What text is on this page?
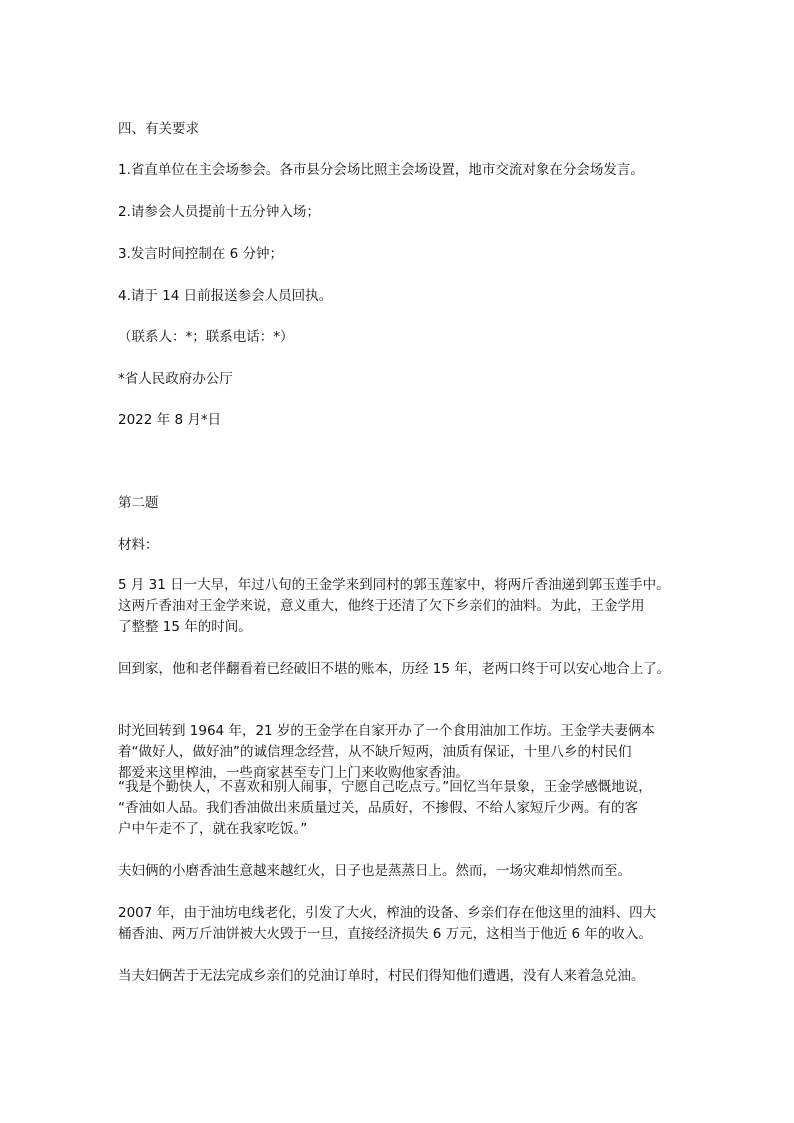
四、有关要求

1.省直单位在主会场参会。各市县分会场比照主会场设置，地市交流对象在分会场发言。

2.请参会人员提前十五分钟入场；

3.发言时间控制在 6 分钟；

4.请于 14 日前报送参会人员回执。

（联系人：*；联系电话：*）

*省人民政府办公厅

2022 年 8 月*日

第二题

材料：

5 月 31 日一大早，年过八旬的王金学来到同村的郭玉莲家中，将两斤香油递到郭玉莲手中。
这两斤香油对王金学来说，意义重大，他终于还清了欠下乡亲们的油料。为此，王金学用
了整整 15 年的时间。

回到家，他和老伴翻看着已经破旧不堪的账本，历经 15 年，老两口终于可以安心地合上了。

时光回转到 1964 年，21 岁的王金学在自家开办了一个食用油加工作坊。王金学夫妻俩本
着“做好人，做好油”的诚信理念经营，从不缺斤短两，油质有保证，十里八乡的村民们
都爱来这里榨油，一些商家甚至专门上门来收购他家香油。

“我是个勤快人，不喜欢和别人闹事，宁愿自己吃点亏。”回忆当年景象，王金学感慨地说，
“香油如人品。我们香油做出来质量过关，品质好，不掺假、不给人家短斤少两。有的客
户中午走不了，就在我家吃饭。”

夫妇俩的小磨香油生意越来越红火，日子也是蒸蒸日上。然而，一场灾难却悄然而至。

2007 年，由于油坊电线老化，引发了大火，榨油的设备、乡亲们存在他这里的油料、四大
桶香油、两万斤油饼被大火毁于一旦，直接经济损失 6 万元，这相当于他近 6 年的收入。

当夫妇俩苦于无法完成乡亲们的兑油订单时，村民们得知他们遭遇，没有人来着急兑油。
